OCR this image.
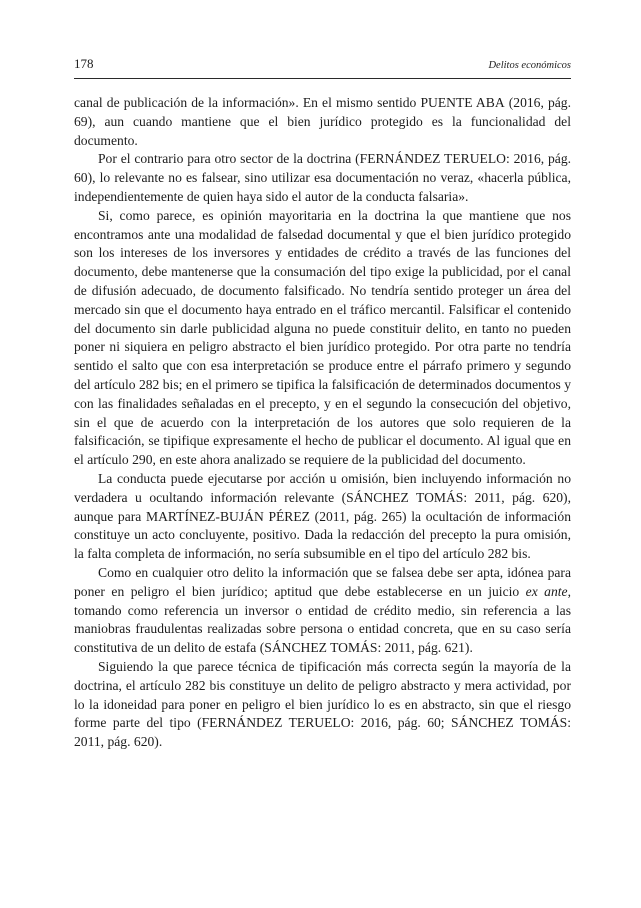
178	Delitos económicos

canal de publicación de la información». En el mismo sentido PUENTE ABA (2016, pág. 69), aun cuando mantiene que el bien jurídico protegido es la funcionalidad del documento.

Por el contrario para otro sector de la doctrina (FERNÁNDEZ TERUELO: 2016, pág. 60), lo relevante no es falsear, sino utilizar esa documentación no veraz, «hacerla pública, independientemente de quien haya sido el autor de la conducta falsaria».

Si, como parece, es opinión mayoritaria en la doctrina la que mantiene que nos encontramos ante una modalidad de falsedad documental y que el bien jurídico protegido son los intereses de los inversores y entidades de crédito a través de las funciones del documento, debe mantenerse que la consumación del tipo exige la publicidad, por el canal de difusión adecuado, de documento falsificado. No tendría sentido proteger un área del mercado sin que el documento haya entrado en el tráfico mercantil. Falsificar el contenido del documento sin darle publicidad alguna no puede constituir delito, en tanto no pueden poner ni siquiera en peligro abstracto el bien jurídico protegido. Por otra parte no tendría sentido el salto que con esa interpretación se produce entre el párrafo primero y segundo del artículo 282 bis; en el primero se tipifica la falsificación de determinados documentos y con las finalidades señaladas en el precepto, y en el segundo la consecución del objetivo, sin el que de acuerdo con la interpretación de los autores que solo requieren de la falsificación, se tipifique expresamente el hecho de publicar el documento. Al igual que en el artículo 290, en este ahora analizado se requiere de la publicidad del documento.

La conducta puede ejecutarse por acción u omisión, bien incluyendo información no verdadera u ocultando información relevante (SÁNCHEZ TOMÁS: 2011, pág. 620), aunque para MARTÍNEZ-BUJÁN PÉREZ (2011, pág. 265) la ocultación de información constituye un acto concluyente, positivo. Dada la redacción del precepto la pura omisión, la falta completa de información, no sería subsumible en el tipo del artículo 282 bis.

Como en cualquier otro delito la información que se falsea debe ser apta, idónea para poner en peligro el bien jurídico; aptitud que debe establecerse en un juicio ex ante, tomando como referencia un inversor o entidad de crédito medio, sin referencia a las maniobras fraudulentas realizadas sobre persona o entidad concreta, que en su caso sería constitutiva de un delito de estafa (SÁNCHEZ TOMÁS: 2011, pág. 621).

Siguiendo la que parece técnica de tipificación más correcta según la mayoría de la doctrina, el artículo 282 bis constituye un delito de peligro abstracto y mera actividad, por lo la idoneidad para poner en peligro el bien jurídico lo es en abstracto, sin que el riesgo forme parte del tipo (FERNÁNDEZ TERUELO: 2016, pág. 60; SÁNCHEZ TOMÁS: 2011, pág. 620).
